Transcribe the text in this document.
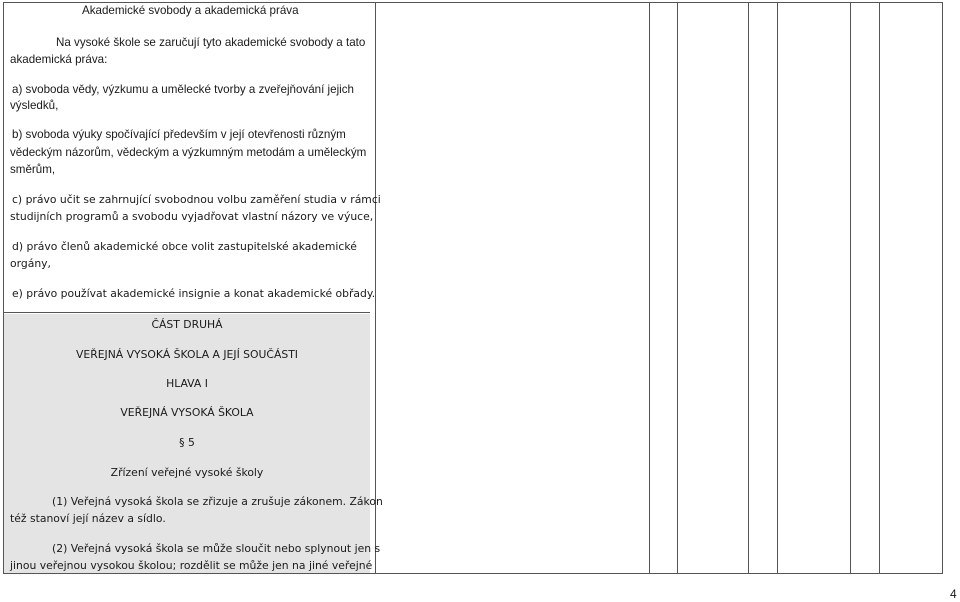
Akademické svobody a akademická práva
Na vysoké škole se zaručují tyto akademické svobody a tato
akademická práva:
a) svoboda vědy, výzkumu a umělecké tvorby a zveřejňování jejich
výsledků,
b) svoboda výuky spočívající především v její otevřenosti různým
vědeckým názorům, vědeckým a výzkumným metodám a uměleckým
směrům,
c) právo učit se zahrnující svobodnou volbu zaměření studia v rámci
studijních programů a svobodu vyjadřovat vlastní názory ve výuce,
d) právo členů akademické obce volit zastupitelské akademické
orgány,
e) právo používat akademické insignie a konat akademické obřady.
ČÁST DRUHÁ
VEŘEJNÁ VYSOKÁ ŠKOLA A JEJÍ SOUČÁSTI
HLAVA I
VEŘEJNÁ VYSOKÁ ŠKOLA
§ 5
Zřízení veřejné vysoké školy
(1) Veřejná vysoká škola se zřizuje a zrušuje zákonem. Zákon
též stanoví její název a sídlo.
(2) Veřejná vysoká škola se může sloučit nebo splynout jen s
jinou veřejnou vysokou školou; rozdělit se může jen na jiné veřejné
4
